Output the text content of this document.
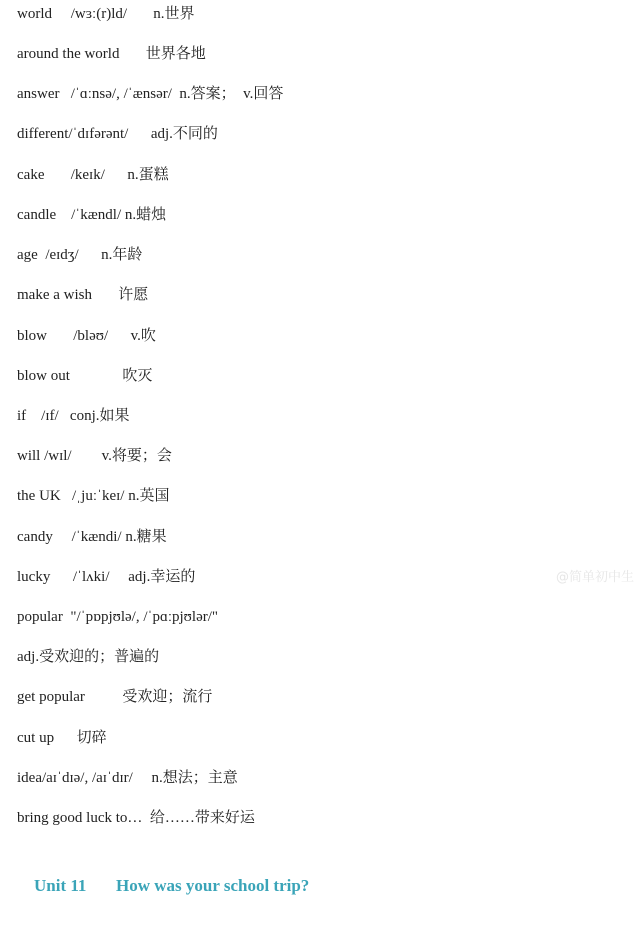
world     /wɜː(r)ld/       n.世界
around the world       世界各地
answer   /ˈɑːnsə/, /ˈænsər/  n.答案；  v.回答
different/ˈdɪfərənt/      adj.不同的
cake       /keɪk/      n.蛋糕
candle    /ˈkændl/ n.蜡烛
age  /eɪdʒ/      n.年龄
make a wish       许愿
blow       /bləʊ/      v.吹
blow out              吹灭
if    /ɪf/   conj.如果
will /wɪl/        v.将要；会
the UK   /ˌjuːˈkeɪ/ n.英国
candy     /ˈkændi/ n.糖果
lucky      /ˈlʌki/     adj.幸运的
popular  "/ˈpɒpjʊlə/, /ˈpɑːpjʊlər/"
adj.受欢迎的；普遍的
get popular          受欢迎；流行
cut up      切碎
idea/aɪˈdɪə/, /aɪˈdɪr/     n.想法；主意
bring good luck to…  给……带来好运

Unit 11 How was your school trip?

@简单初中生
